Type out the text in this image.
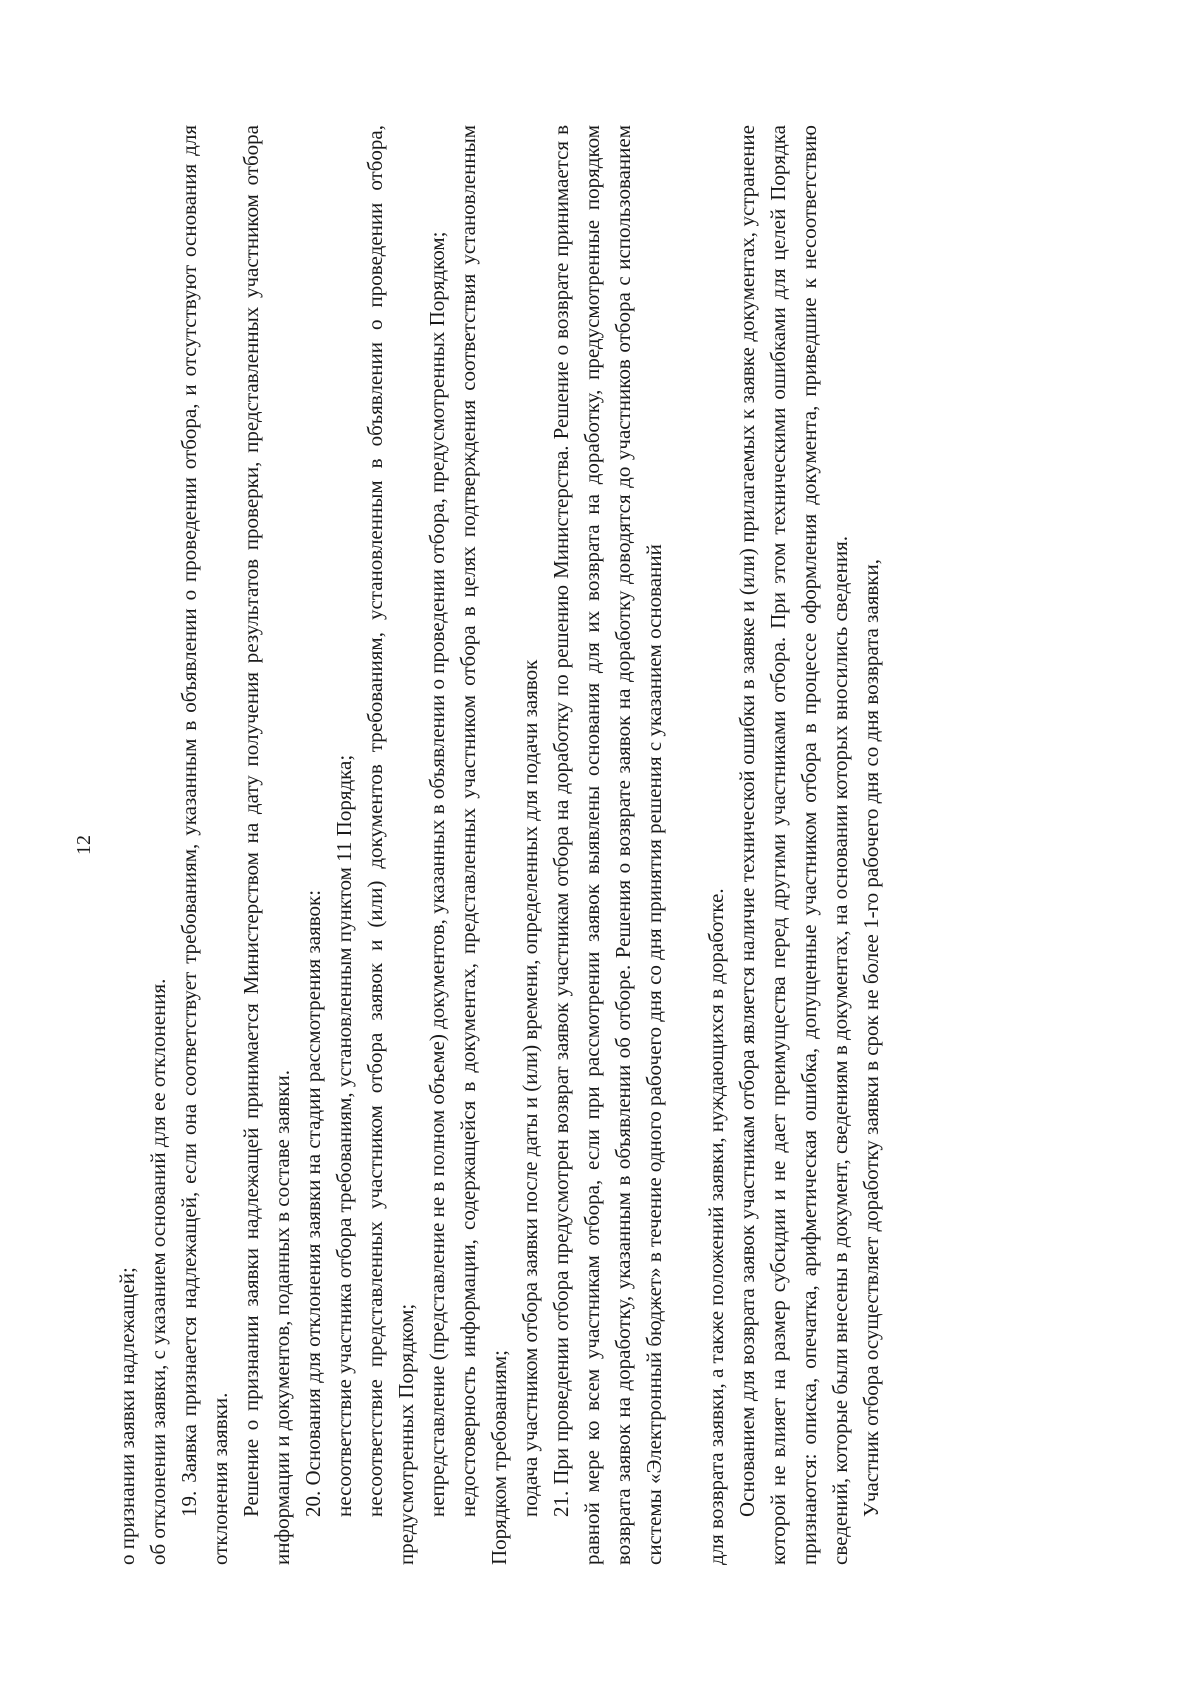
12

о признании заявки надлежащей; об отклонении заявки, с указанием оснований для ее отклонения. 19. Заявка признается надлежащей, если она соответствует требованиям, указанным в объявлении о проведении отбора, и отсутствуют основания для отклонения заявки. Решение о признании заявки надлежащей принимается Министерством на дату получения результатов проверки, представленных участником отбора информации и документов, поданных в составе заявки. 20. Основания для отклонения заявки на стадии рассмотрения заявок: несоответствие участника отбора требованиям, установленным пунктом 11 Порядка; несоответствие представленных участником отбора заявок и (или) документов требованиям, установленным в объявлении о проведении отбора, предусмотренных Порядком; непредставление (представление не в полном объеме) документов, указанных в объявлении о проведении отбора, предусмотренных Порядком; недостоверность информации, содержащейся в документах, представленных участником отбора в целях подтверждения соответствия установленным Порядком требованиям; подача участником отбора заявки после даты и (или) времени, определенных для подачи заявок 21. При проведении отбора предусмотрен возврат заявок участникам отбора на доработку по решению Министерства. Решение о возврате принимается в равной мере ко всем участникам отбора, если при рассмотрении заявок выявлены основания для их возврата на доработку, предусмотренные порядком возврата заявок на доработку, указанным в объявлении об отборе. Решения о возврате заявок на доработку доводятся до участников отбора с использованием системы «Электронный бюджет» в течение одного рабочего дня со дня принятия решения с указанием оснований для возврата заявки, а также положений заявки, нуждающихся в доработке. Основанием для возврата заявок участникам отбора является наличие технической ошибки в заявке и (или) прилагаемых к заявке документах, устранение которой не влияет на размер субсидии и не дает преимущества перед другими участниками отбора. При этом техническими ошибками для целей Порядка признаются: описка, опечатка, арифметическая ошибка, допущенные участником отбора в процессе оформления документа, приведшие к несоответствию сведений, которые были внесены в документ, сведениям в документах, на основании которых вносились сведения. Участник отбора осуществляет доработку заявки в срок не более 1-го рабочего дня со дня возврата заявки,
